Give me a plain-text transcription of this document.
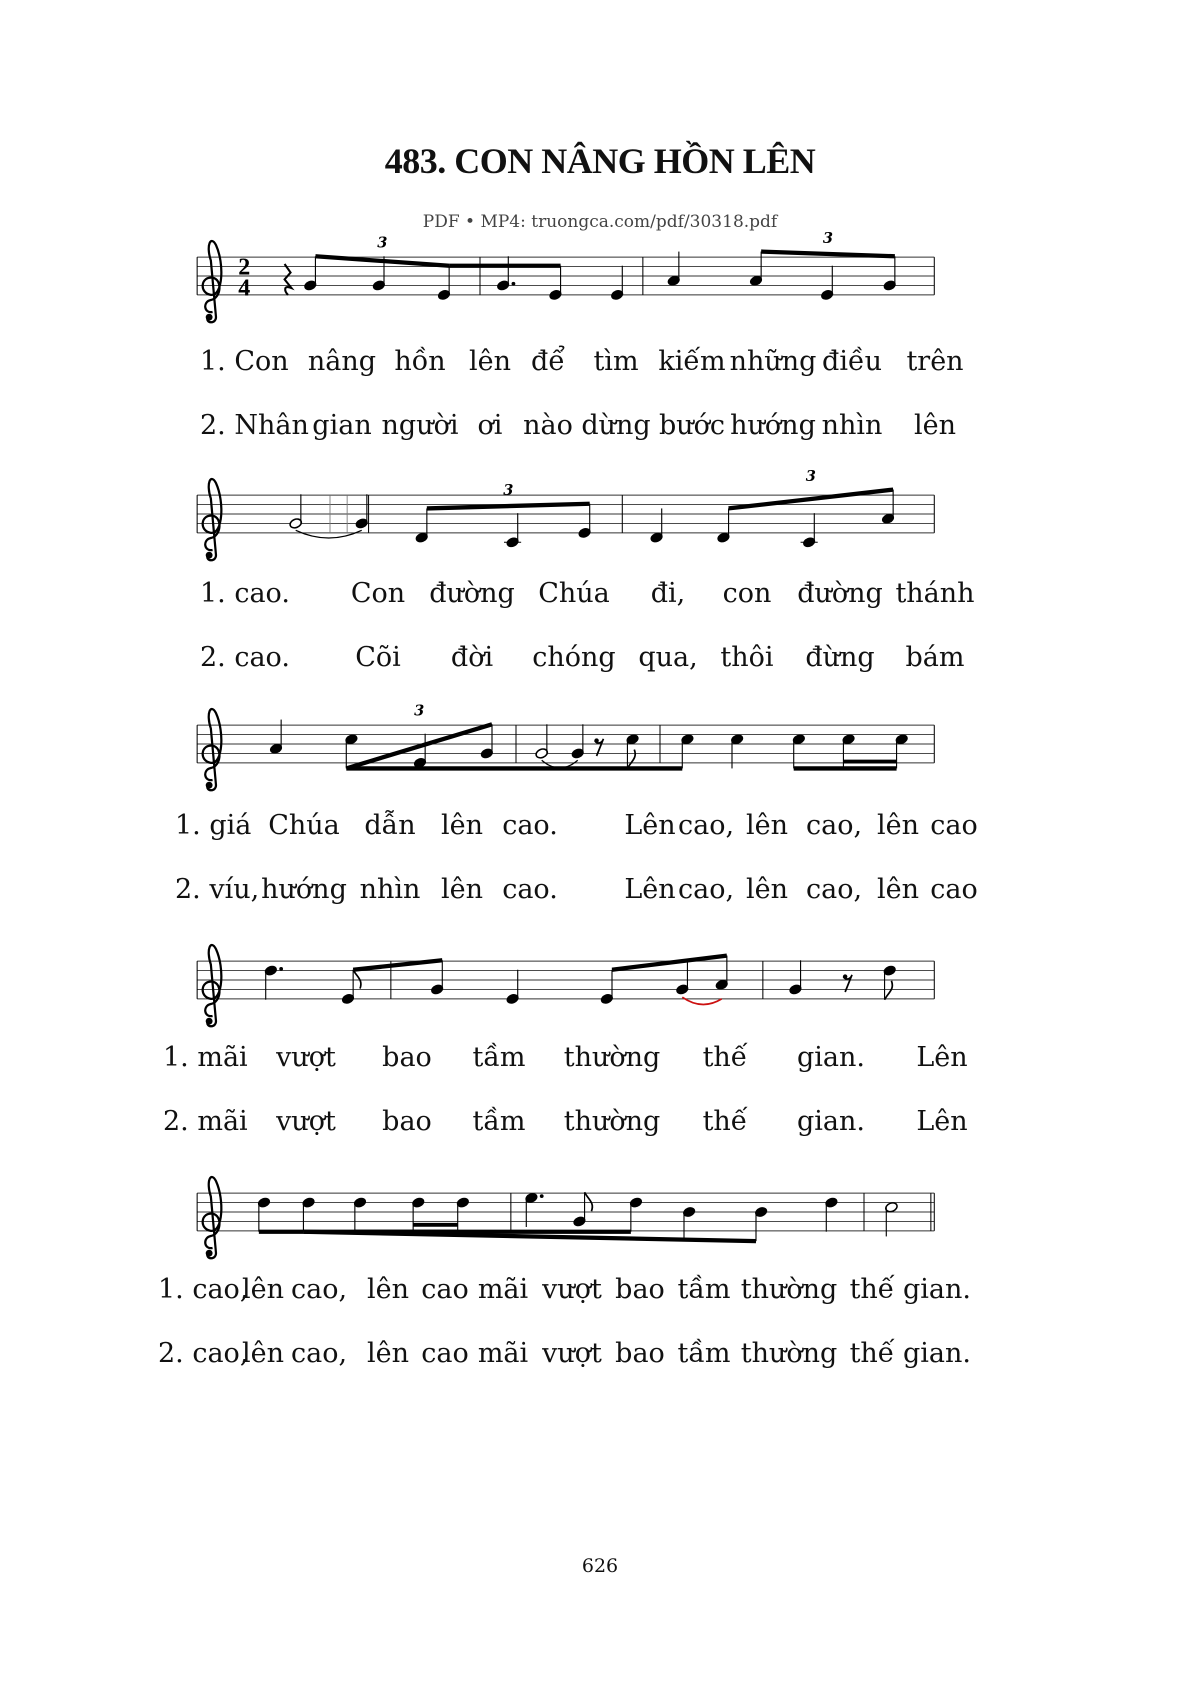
483. CON NÂNG HỒN LÊN
PDF • MP4: truongca.com/pdf/30318.pdf
2
4
3	3
3
3
3
1. Con nâng hồn lên để tìm kiếm những điều trên
2. Nhân gian người ơi nào dừng bước hướng nhìn lên
1. cao. Con đường Chúa đi, con đường thánh
2. cao. Cõi đời chóng qua, thôi đừng bám
1. giá Chúa dẫn lên cao. Lên cao, lên cao, lên cao
2. víu, hướng nhìn lên cao. Lên cao, lên cao, lên cao
1. mãi vượt bao tầm thường thế gian. Lên
2. mãi vượt bao tầm thường thế gian. Lên
1. cao,
lên cao, lên cao mãi vượt bao tầm thường thế gian.
2. cao,
lên cao, lên cao mãi vượt bao tầm thường thế gian.
626
